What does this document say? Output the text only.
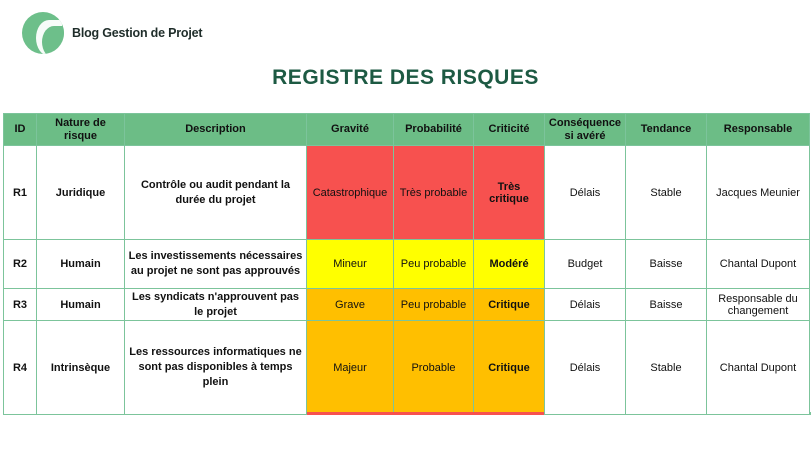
Blog Gestion de Projet
REGISTRE DES RISQUES
ID	Nature de risque	Description	Gravité	Probabilité	Criticité	Conséquence si avéré	Tendance	Responsable
R1	Juridique	Contrôle ou audit pendant la durée du projet	Catastrophique	Très probable	Très critique	Délais	Stable	Jacques Meunier
R2	Humain	Les investissements nécessaires au projet ne sont pas approuvés	Mineur	Peu probable	Modéré	Budget	Baisse	Chantal Dupont
R3	Humain	Les syndicats n'approuvent pas le projet	Grave	Peu probable	Critique	Délais	Baisse	Responsable du changement
R4	Intrinsèque	Les ressources informatiques ne sont pas disponibles à temps plein	Majeur	Probable	Critique	Délais	Stable	Chantal Dupont
